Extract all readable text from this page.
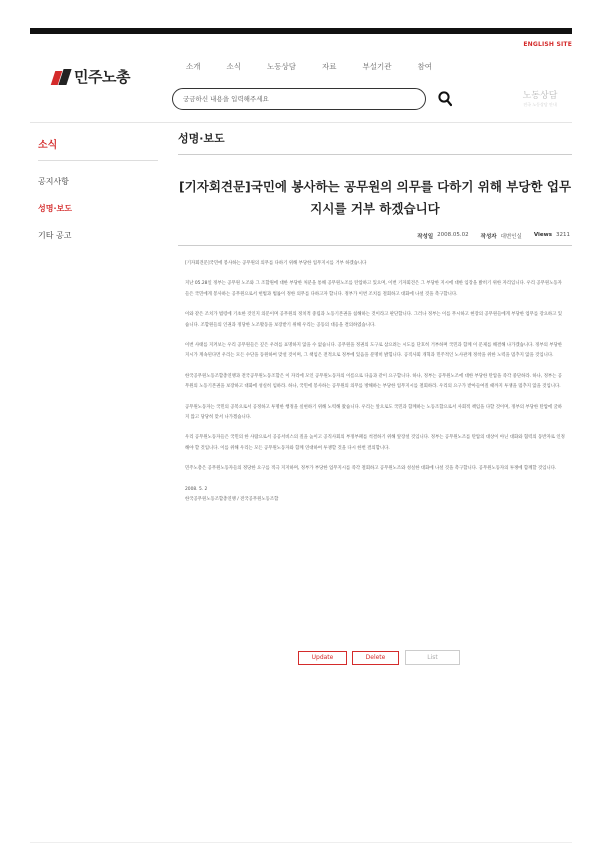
ENGLISH SITE
민주노총
소개	소식	노동상담	자료	부설기관	참여
궁금하신 내용을 입력해주세요
노동상담
전국 노동상담 안내
소식
공지사항
성명·보도
기타 공고
성명·보도
[기자회견문]국민에 봉사하는 공무원의 의무를 다하기 위해 부당한 업무지시를 거부 하겠습니다
작성일 2008.05.02 작성자 대변인실 Views 3211

[기자회견문]국민에 봉사하는 공무원의 의무를 다하기 위해 부당한 업무지시를 거부 하겠습니다

지난 05.28일 정부는 공무원 노조와 그 조합원에 대한 부당한 처분을 통해 공무원노조를 탄압하고 있으며, 이번 기자회견은 그 부당한 지시에 대한 입장을 밝히기 위한 자리입니다. 우리 공무원노동자들은 국민에게 봉사하는 공무원으로서 헌법과 법률이 정한 의무를 다하고자 합니다. 정부가 이번 조치를 철회하고 대화에 나설 것을 촉구합니다.

이와 같은 조치가 법령에 기초한 것인지 의문이며 공무원의 정치적 중립과 노동기본권을 침해하는 것이라고 판단합니다. 그러나 정부는 이를 무시하고 현장의 공무원들에게 부당한 업무를 강요하고 있습니다. 조합원들의 인권과 정당한 노조활동을 보장받기 위해 우리는 공동의 대응을 결의하였습니다.

이번 사태를 지켜보는 우리 공무원들은 깊은 우려를 표명하지 않을 수 없습니다. 공무원을 정권의 도구로 삼으려는 시도를 단호히 거부하며 국민과 함께 이 문제를 해결해 나가겠습니다. 정부의 부당한 지시가 계속된다면 우리는 모든 수단을 동원하여 맞설 것이며, 그 책임은 전적으로 정부에 있음을 분명히 밝힙니다. 공직사회 개혁과 민주적인 노사관계 정착을 위한 노력을 멈추지 않을 것입니다.

한국공무원노동조합총연맹과 전국공무원노동조합은 이 자리에 모인 공무원노동자의 이름으로 다음과 같이 요구합니다. 하나, 정부는 공무원노조에 대한 부당한 탄압을 즉각 중단하라. 하나, 정부는 공무원의 노동기본권을 보장하고 대화에 성실히 임하라. 하나, 국민에 봉사하는 공무원의 의무를 방해하는 부당한 업무지시를 철회하라. 우리의 요구가 받아들여질 때까지 투쟁을 멈추지 않을 것입니다.

공무원노동자는 국민의 공복으로서 공정하고 투명한 행정을 실현하기 위해 노력해 왔습니다. 우리는 앞으로도 국민과 함께하는 노동조합으로서 사회적 책임을 다할 것이며, 정부의 부당한 탄압에 굴하지 않고 당당히 맞서 나가겠습니다.

우리 공무원노동자들은 국민의 한 사람으로서 공공서비스의 질을 높이고 공직사회의 부정부패를 척결하기 위해 앞장설 것입니다. 정부는 공무원노조를 탄압의 대상이 아닌 대화와 협력의 동반자로 인정해야 할 것입니다. 이를 위해 우리는 모든 공무원노동자와 함께 연대하여 투쟁할 것을 다시 한번 결의합니다.

민주노총은 공무원노동자들의 정당한 요구를 적극 지지하며, 정부가 부당한 업무지시를 즉각 철회하고 공무원노조와 성실한 대화에 나설 것을 촉구합니다. 공무원노동자의 투쟁에 함께할 것입니다.

2008. 5. 2

한국공무원노동조합총연맹 / 전국공무원노동조합

Update	Delete	List
